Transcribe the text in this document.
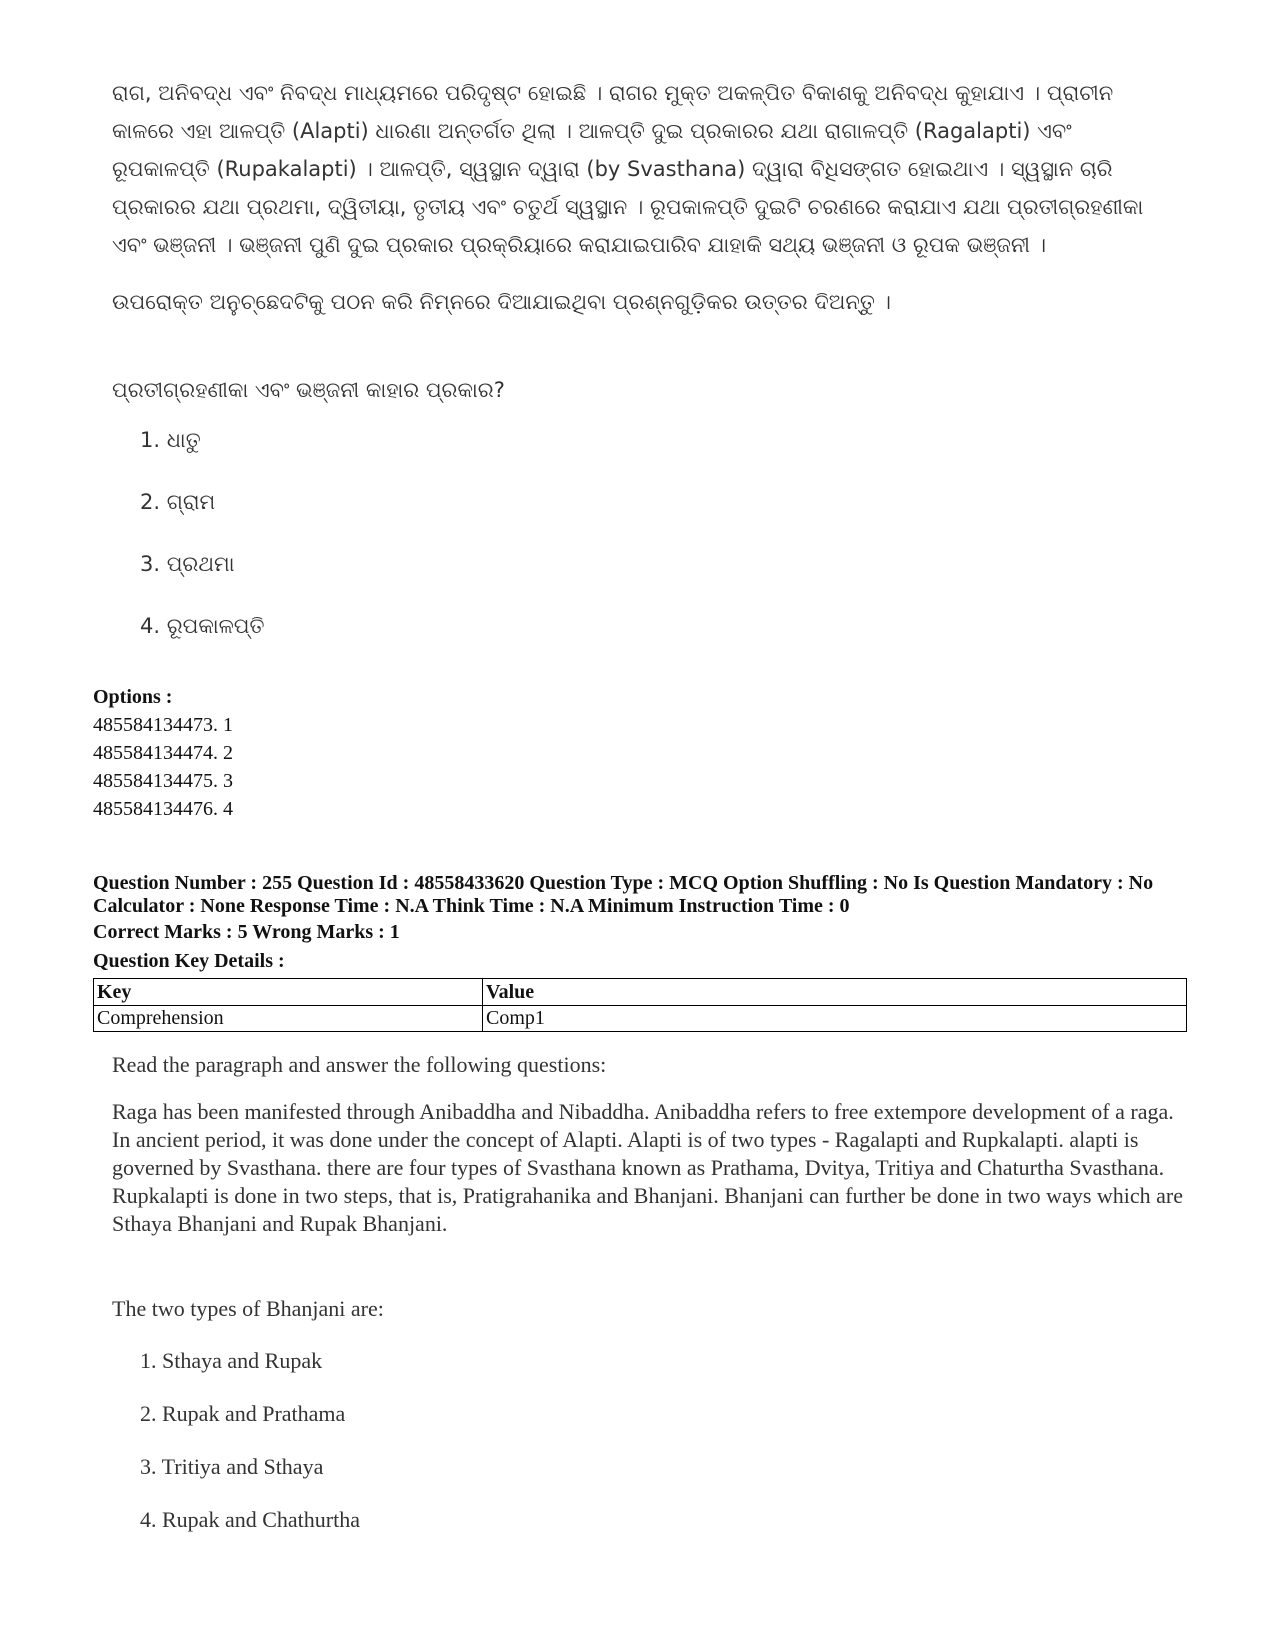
ରାଗ, ଅନିବଦ୍ଧ ଏବଂ ନିବଦ୍ଧ ମାଧ୍ୟମରେ ପରିଦୃଷ୍ଟ ହୋଇଛି । ରାଗର ମୁକ୍ତ ଅକଳ୍ପିତ ବିକାଶକୁ ଅନିବଦ୍ଧ କୁହାଯାଏ । ପ୍ରାଚୀନ କାଳରେ ଏହା ଆଳପ୍ତି (Alapti) ଧାରଣା ଅନ୍ତର୍ଗତ ଥିଲା । ଆଳପ୍ତି ଦୁଇ ପ୍ରକାରର ଯଥା ରାଗାଳପ୍ତି (Ragalapti) ଏବଂ ରୂପକାଳପ୍ତି (Rupakalapti) । ଆଳପ୍ତି, ସ୍ୱସ୍ଥାନ ଦ୍ୱାରା (by Svasthana) ଦ୍ୱାରା ବିଧିସଙ୍ଗତ ହୋଇଥାଏ । ସ୍ୱସ୍ଥାନ ଚାରି ପ୍ରକାରର ଯଥା ପ୍ରଥମା, ଦ୍ୱିତୀୟା, ତୃତୀୟ ଏବଂ ଚତୁର୍ଥ ସ୍ୱସ୍ଥାନ । ରୂପକାଳପ୍ତି ଦୁଇଟି ଚରଣରେ କରାଯାଏ ଯଥା ପ୍ରତୀଗ୍ରହଣୀକା ଏବଂ ଭଞ୍ଜନୀ । ଭଞ୍ଜନୀ ପୁଣି ଦୁଇ ପ୍ରକାର ପ୍ରକ୍ରିୟାରେ କରାଯାଇପାରିବ ଯାହାକି ସଥ୍ୟ ଭଞ୍ଜନୀ ଓ ରୂପକ ଭଞ୍ଜନୀ ।

ଉପରୋକ୍ତ ଅନୁଚ୍ଛେଦଟିକୁ ପଠନ କରି ନିମ୍ନରେ ଦିଆଯାଇଥିବା ପ୍ରଶ୍ନଗୁଡ଼ିକର ଉତ୍ତର ଦିଅନ୍ତୁ ।

ପ୍ରତୀଗ୍ରହଣୀକା ଏବଂ ଭଞ୍ଜନୀ କାହାର ପ୍ରକାର?

1. ଧାତୁ

2. ଗ୍ରାମ

3. ପ୍ରଥମା

4. ରୂପକାଳପ୍ତି

Options :

485584134473. 1

485584134474. 2

485584134475. 3

485584134476. 4

Question Number : 255 Question Id : 48558433620 Question Type : MCQ Option Shuffling : No Is Question Mandatory : No Calculator : None Response Time : N.A Think Time : N.A Minimum Instruction Time : 0

Correct Marks : 5 Wrong Marks : 1

Question Key Details :

Key	Value
Comprehension	Comp1

Read the paragraph and answer the following questions:

Raga has been manifested through Anibaddha and Nibaddha. Anibaddha refers to free extempore development of a raga. In ancient period, it was done under the concept of Alapti. Alapti is of two types - Ragalapti and Rupkalapti. alapti is governed by Svasthana. there are four types of Svasthana known as Prathama, Dvitya, Tritiya and Chaturtha Svasthana. Rupkalapti is done in two steps, that is, Pratigrahanika and Bhanjani. Bhanjani can further be done in two ways which are Sthaya Bhanjani and Rupak Bhanjani.

The two types of Bhanjani are:

1. Sthaya and Rupak

2. Rupak and Prathama

3. Tritiya and Sthaya

4. Rupak and Chathurtha
